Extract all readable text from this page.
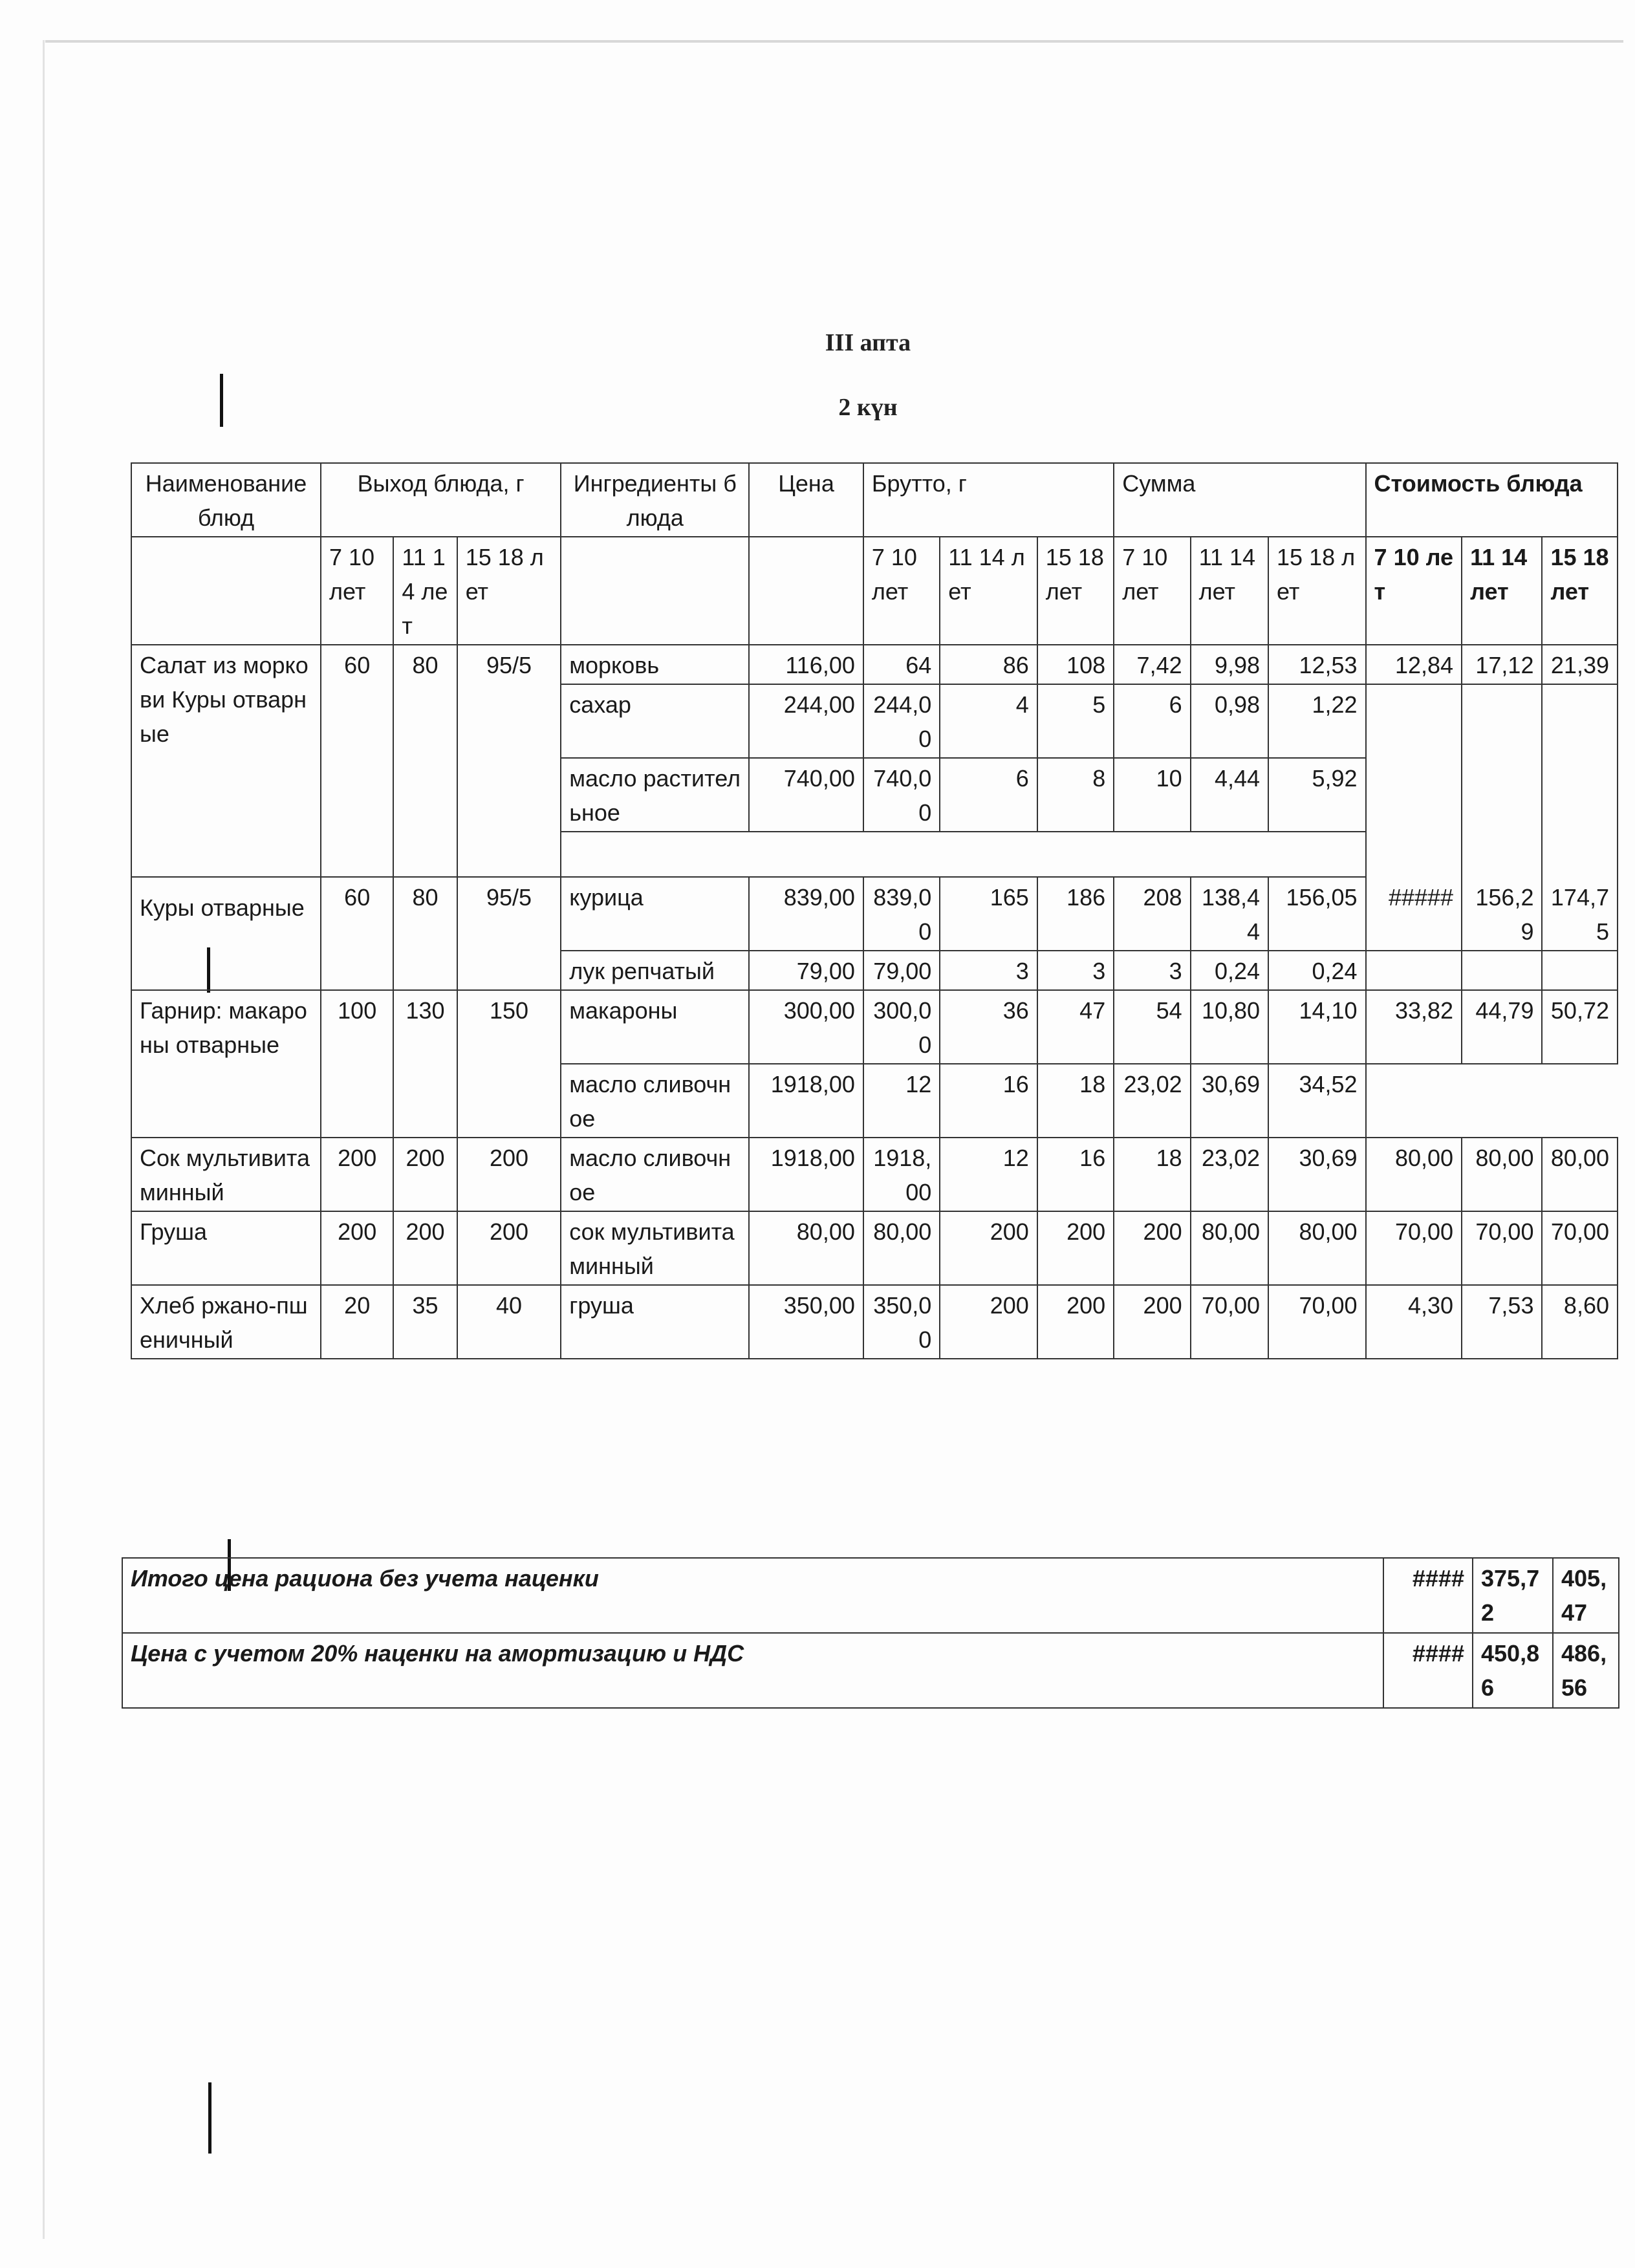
III апта
2 күн
Наименование блюд	Выход блюда, г			Ингредиенты блюда	Цена	Брутто, г			Сумма			Стоимость блюда		
	7 10 лет	11 14 лет	15 18 лет			7 10 лет	11 14 лет	15 18 лет	7 10 лет	11 14 лет	15 18 лет	7 10 лет	11 14 лет	15 18 лет
Салат из моркови Куры отварные	60	80	95/5	морковь	116,00	64	86	108	7,42	9,98	12,53	12,84	17,12	21,39
				сахар	244,00	244,00	4	5	6	0,98	1,22			
				масло растительное	740,00	740,00	6	8	10	4,44	5,92			

Куры отварные	60	80	95/5	курица	839,00	839,00	165	186	208	138,44	156,05	#####	156,29	174,75
				лук репчатый	79,00	79,00	3	3	3	0,24	0,24			
Гарнир: макароны отварные	100	130	150	макароны	300,00	300,00	36	47	54	10,80	14,10	33,82	44,79	50,72
				масло сливочное	1918,00	12	16	18	23,02	30,69	34,52			
Сок мультивитаминный	200	200	200	масло сливочное	1918,00	1918,00	12	16	18	23,02	30,69	80,00	80,00	80,00
Груша	200	200	200	сок мультивитаминный	80,00	80,00	200	200	200	80,00	80,00	70,00	70,00	70,00
Хлеб ржано-пшеничный	20	35	40	груша	350,00	350,00	200	200	200	70,00	70,00	4,30	7,53	8,60
Итого цена рациона без учета наценки	####	375,72	405,47
Цена с учетом 20% наценки на амортизацию и НДС	####	450,86	486,56
